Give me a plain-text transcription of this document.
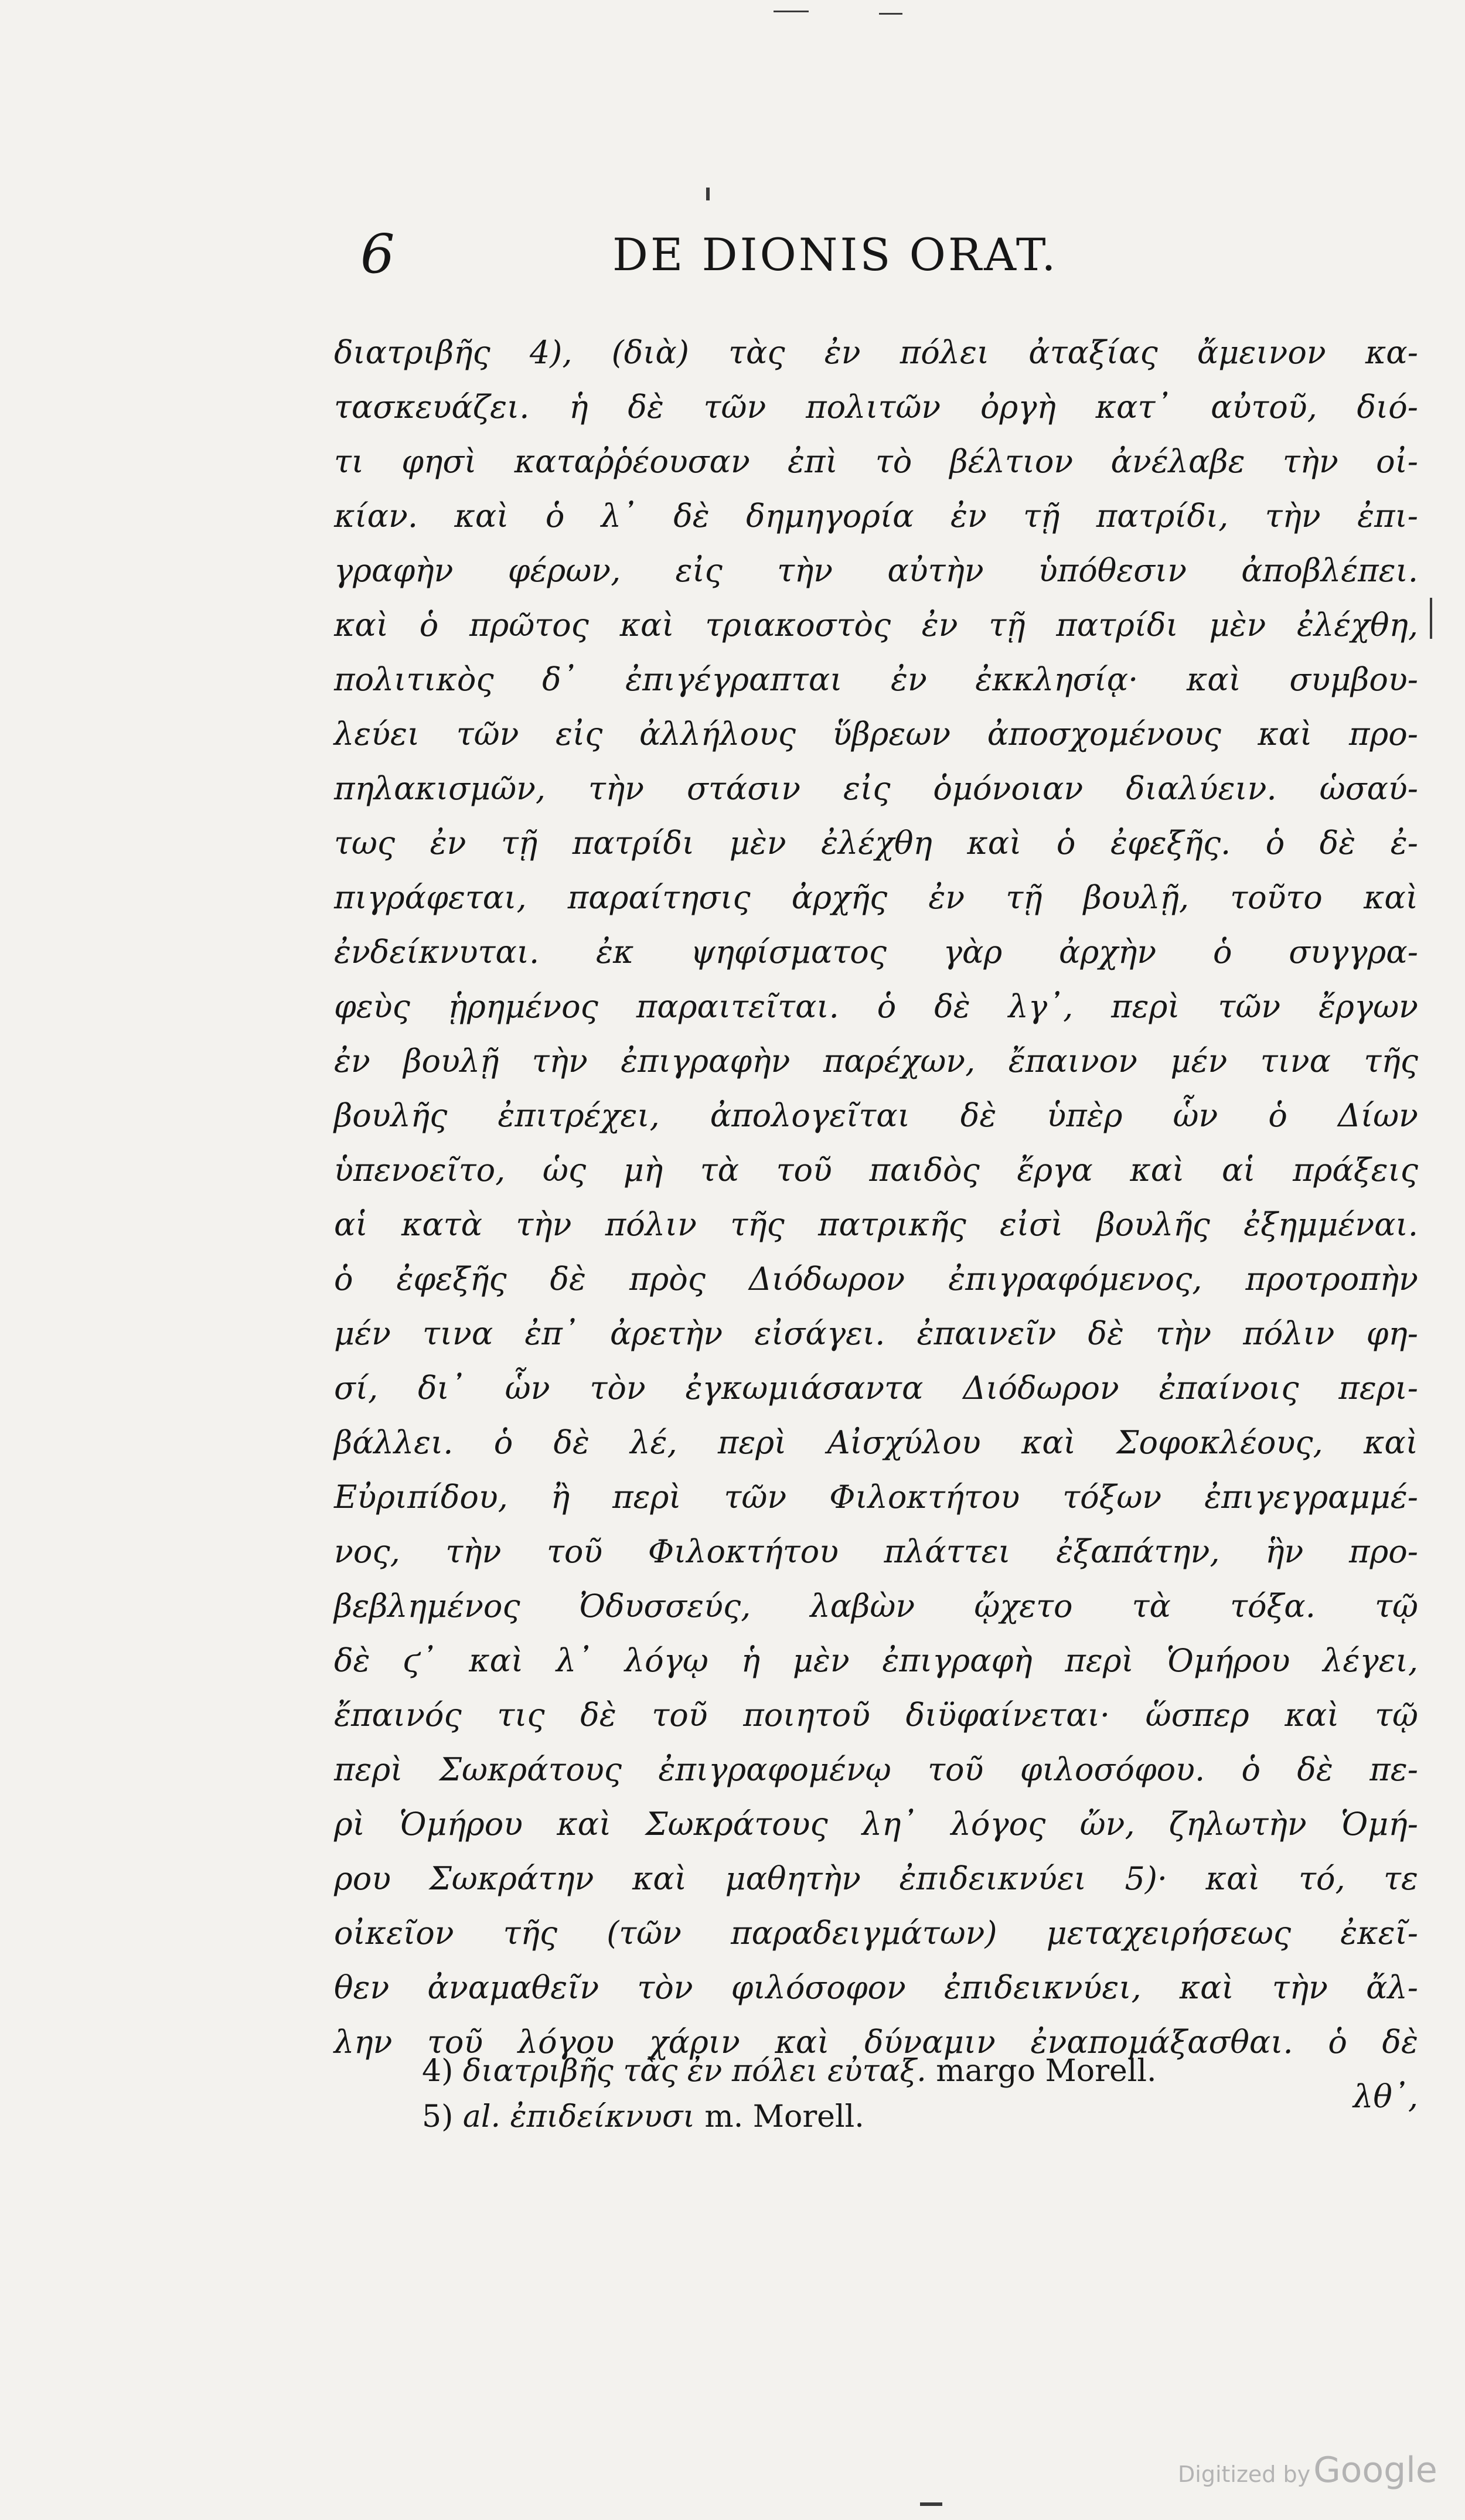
6	DE DIONIS ORAT.
διατριβῆς 4), (διὰ) τὰς ἐν πόλει ἀταξίας ἄμεινον κα-
τασκευάζει. ἡ δὲ τῶν πολιτῶν ὀργὴ κατ᾽ αὐτοῦ, διό-
τι φησὶ καταῤῥέουσαν ἐπὶ τὸ βέλτιον ἀνέλαβε τὴν οἰ-
κίαν. καὶ ὁ λ᾽ δὲ δημηγορία ἐν τῇ πατρίδι, τὴν ἐπι-
γραφὴν φέρων, εἰς τὴν αὐτὴν ὑπόθεσιν ἀποβλέπει.
καὶ ὁ πρῶτος καὶ τριακοστὸς ἐν τῇ πατρίδι μὲν ἐλέχθη,
πολιτικὸς δ᾽ ἐπιγέγραπται ἐν ἐκκλησίᾳ· καὶ συμβου-
λεύει τῶν εἰς ἀλλήλους ὕβρεων ἀποσχομένους καὶ προ-
πηλακισμῶν, τὴν στάσιν εἰς ὁμόνοιαν διαλύειν. ὡσαύ-
τως ἐν τῇ πατρίδι μὲν ἐλέχθη καὶ ὁ ἐφεξῆς. ὁ δὲ ἐ-
πιγράφεται, παραίτησις ἀρχῆς ἐν τῇ βουλῇ, τοῦτο καὶ
ἐνδείκνυται. ἐκ ψηφίσματος γὰρ ἀρχὴν ὁ συγγρα-
φεὺς ᾑρημένος παραιτεῖται. ὁ δὲ λγ᾽, περὶ τῶν ἔργων
ἐν βουλῇ τὴν ἐπιγραφὴν παρέχων, ἔπαινον μέν τινα τῆς
βουλῆς ἐπιτρέχει, ἀπολογεῖται δὲ ὑπὲρ ὧν ὁ Δίων
ὑπενοεῖτο, ὡς μὴ τὰ τοῦ παιδὸς ἔργα καὶ αἱ πράξεις
αἱ κατὰ τὴν πόλιν τῆς πατρικῆς εἰσὶ βουλῆς ἐξημμέναι.
ὁ ἐφεξῆς δὲ πρὸς Διόδωρον ἐπιγραφόμενος, προτροπὴν
μέν τινα ἐπ᾽ ἀρετὴν εἰσάγει. ἐπαινεῖν δὲ τὴν πόλιν φη-
σί, δι᾽ ὧν τὸν ἐγκωμιάσαντα Διόδωρον ἐπαίνοις περι-
βάλλει. ὁ δὲ λέ, περὶ Αἰσχύλου καὶ Σοφοκλέους, καὶ
Εὐριπίδου, ἢ περὶ τῶν Φιλοκτήτου τόξων ἐπιγεγραμμέ-
νος, τὴν τοῦ Φιλοκτήτου πλάττει ἐξαπάτην, ἣν προ-
βεβλημένος Ὀδυσσεύς, λαβὼν ᾤχετο τὰ τόξα. τῷ
δὲ ϛ᾽ καὶ λ᾽ λόγῳ ἡ μὲν ἐπιγραφὴ περὶ Ὁμήρου λέγει,
ἔπαινός τις δὲ τοῦ ποιητοῦ διϋφαίνεται· ὥσπερ καὶ τῷ
περὶ Σωκράτους ἐπιγραφομένῳ τοῦ φιλοσόφου. ὁ δὲ πε-
ρὶ Ὁμήρου καὶ Σωκράτους λη᾽ λόγος ὤν, ζηλωτὴν Ὁμή-
ρου Σωκράτην καὶ μαθητὴν ἐπιδεικνύει 5)· καὶ τό, τε
οἰκεῖον τῆς (τῶν παραδειγμάτων) μεταχειρήσεως ἐκεῖ-
θεν ἀναμαθεῖν τὸν φιλόσοφον ἐπιδεικνύει, καὶ τὴν ἄλ-
λην τοῦ λόγου χάριν καὶ δύναμιν ἐναπομάξασθαι. ὁ δὲ
λθ᾽,
4) διατριβῆς τὰς ἐν πόλει εὐταξ. margo Morell.
5) al. ἐπιδείκνυσι m. Morell.
Digitized by Google
